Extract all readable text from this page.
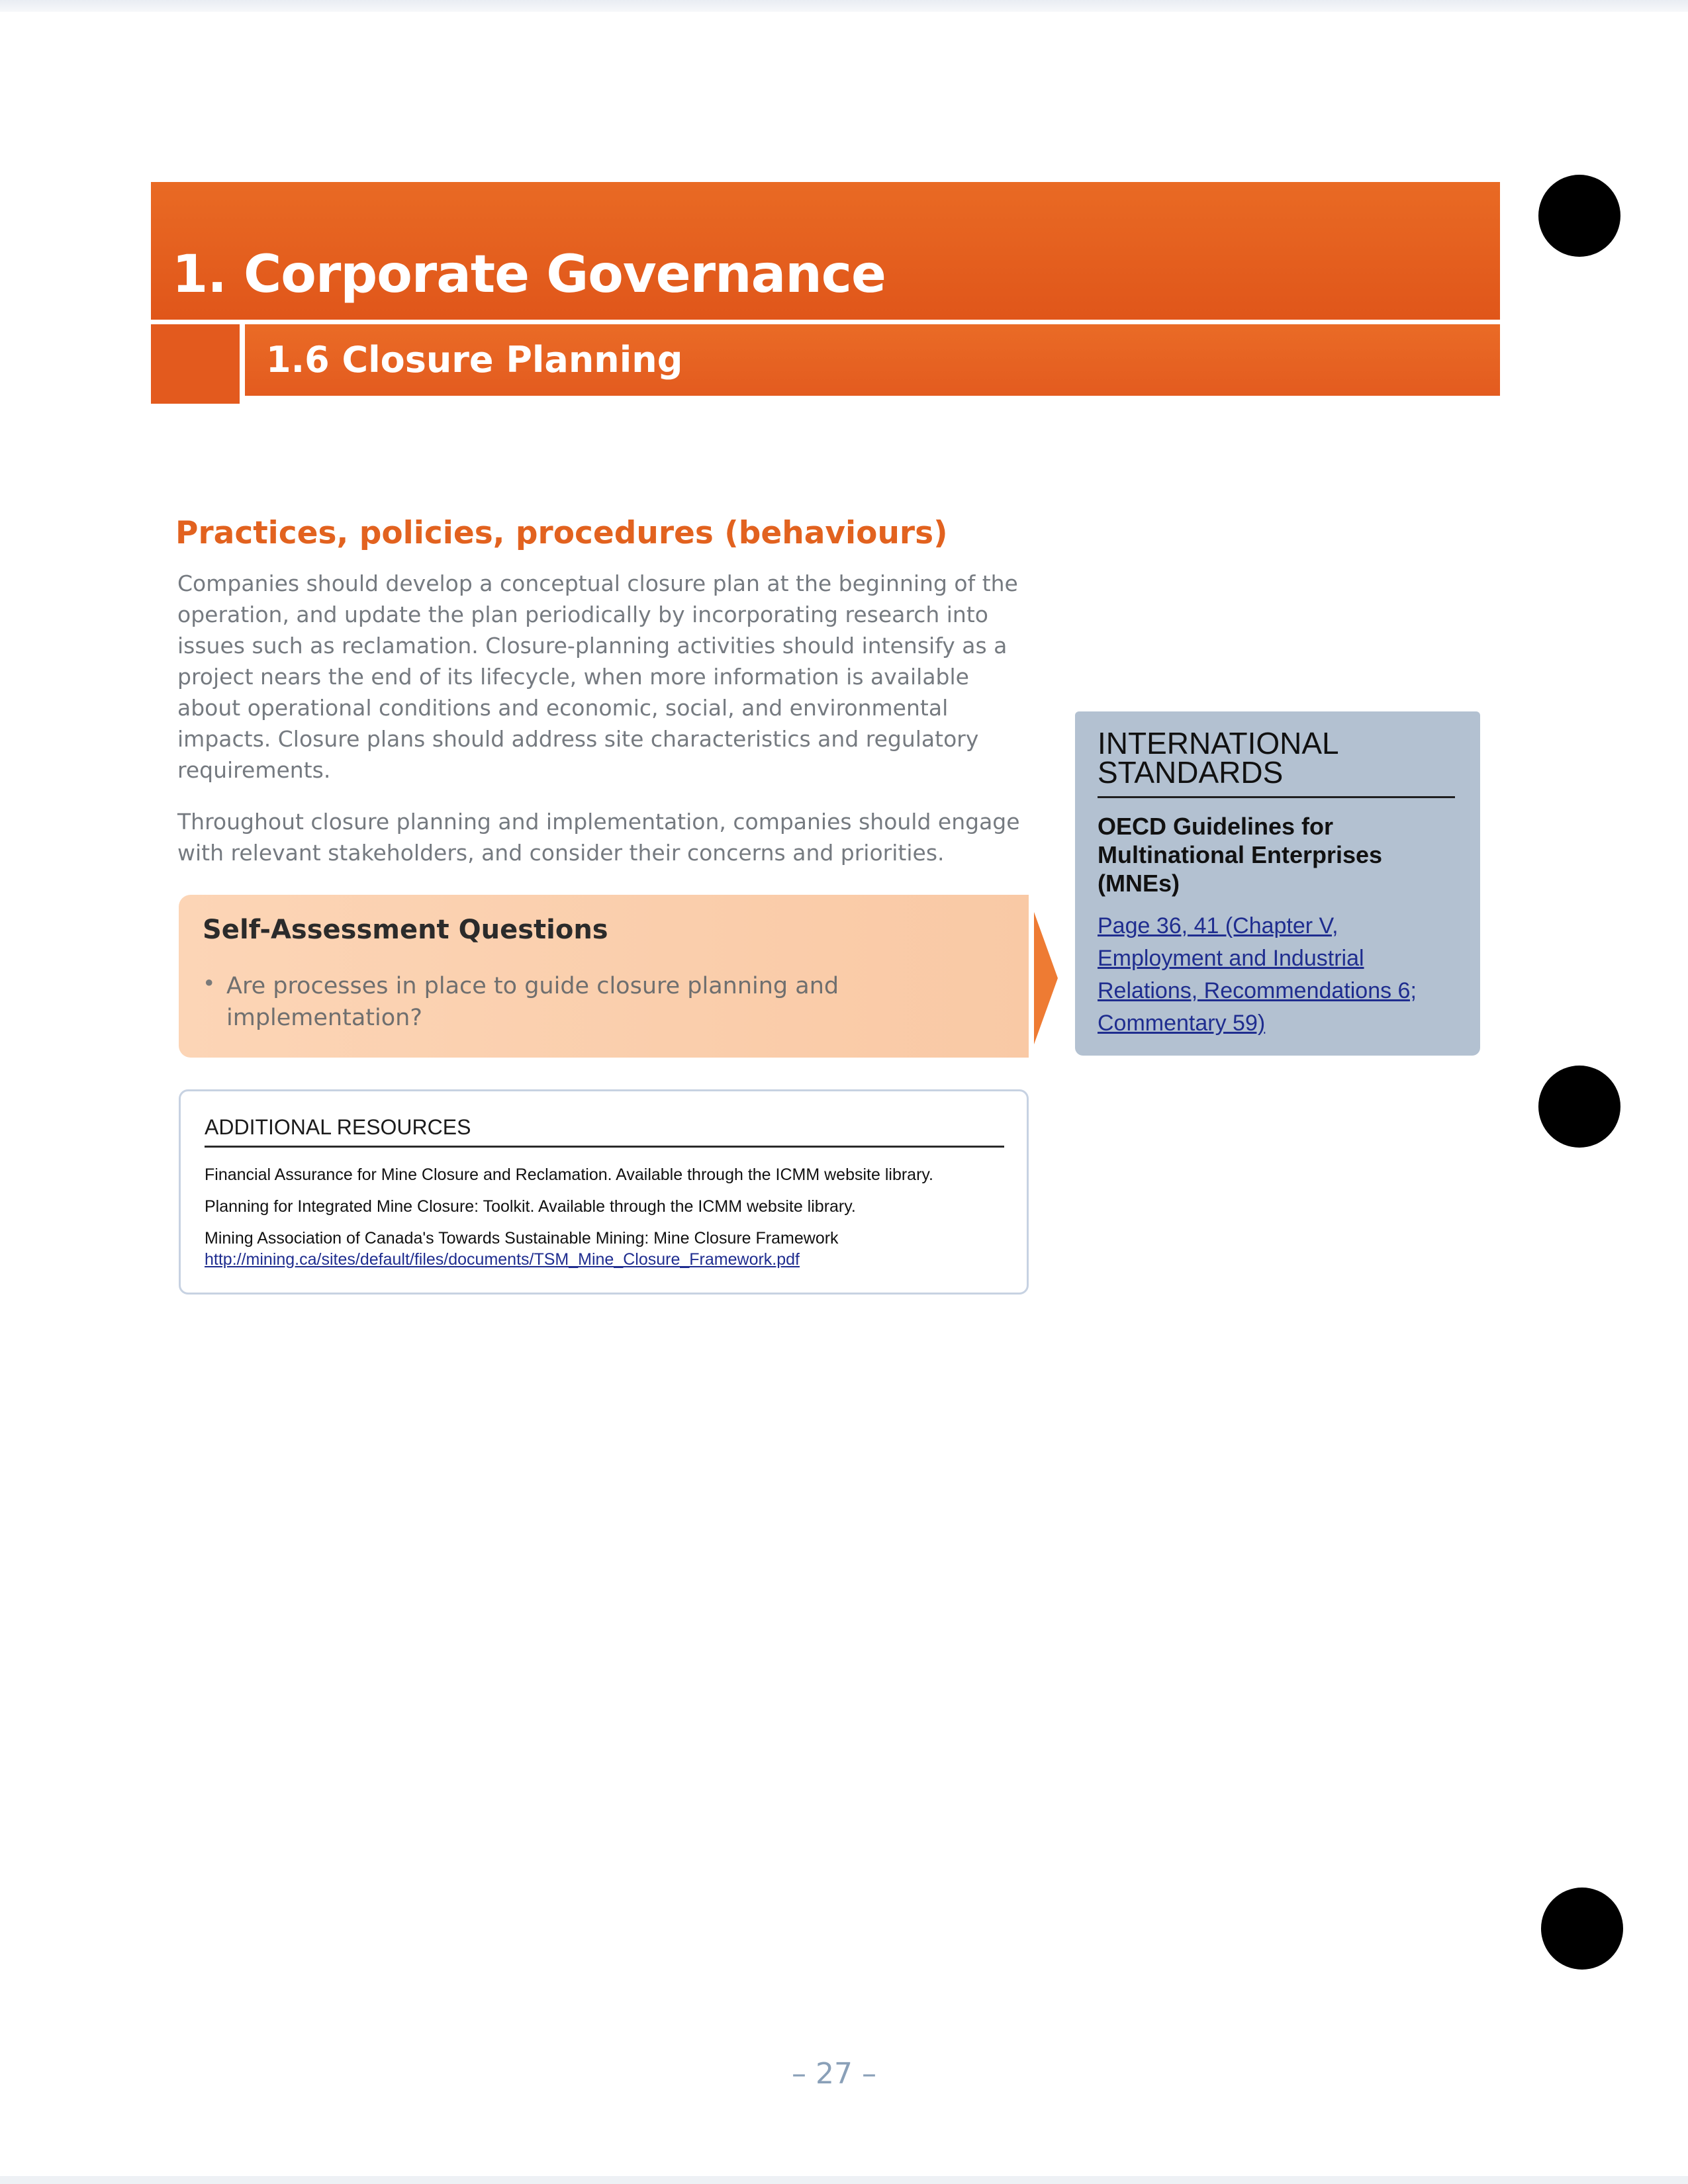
1. Corporate Governance
1.6 Closure Planning
Practices, policies, procedures (behaviours)

Companies should develop a conceptual closure plan at the beginning of the operation, and update the plan periodically by incorporating research into issues such as reclamation. Closure-planning activities should intensify as a project nears the end of its lifecycle, when more information is available about operational conditions and economic, social, and environmental impacts. Closure plans should address site characteristics and regulatory requirements.

Throughout closure planning and implementation, companies should engage with relevant stakeholders, and consider their concerns and priorities.

Self-Assessment Questions
• Are processes in place to guide closure planning and implementation?
ADDITIONAL RESOURCES
Financial Assurance for Mine Closure and Reclamation. Available through the ICMM website library.
Planning for Integrated Mine Closure: Toolkit. Available through the ICMM website library.
Mining Association of Canada's Towards Sustainable Mining: Mine Closure Framework
http://mining.ca/sites/default/files/documents/TSM_Mine_Closure_Framework.pdf
INTERNATIONAL STANDARDS
OECD Guidelines for Multinational Enterprises (MNEs)
Page 36, 41 (Chapter V, Employment and Industrial Relations, Recommendations 6; Commentary 59)
– 27 –
